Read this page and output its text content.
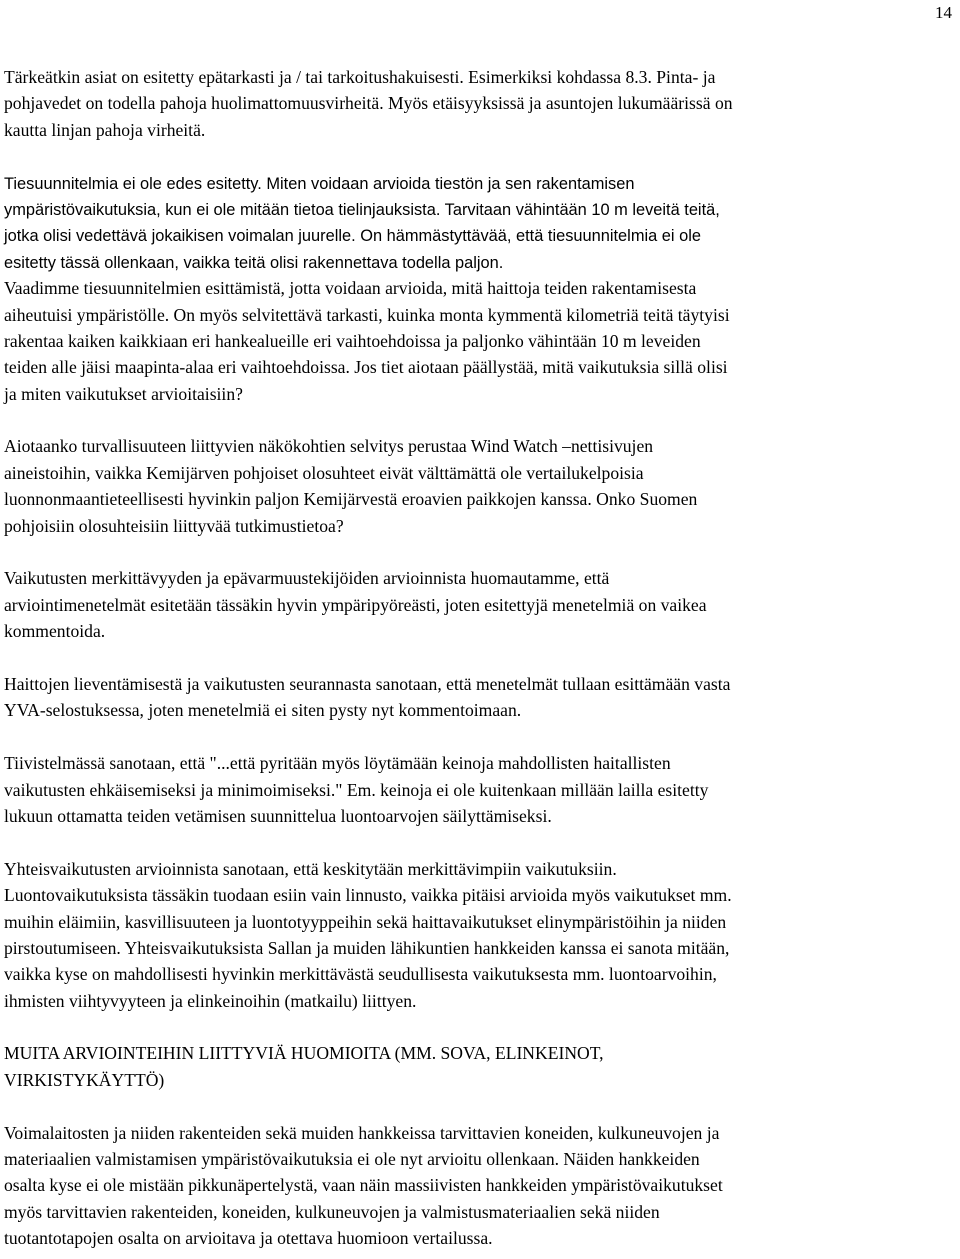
14
Tärkeätkin asiat on esitetty epätarkasti ja / tai tarkoitushakuisesti. Esimerkiksi kohdassa 8.3. Pinta- ja
pohjavedet on todella pahoja huolimattomuusvirheitä. Myös etäisyyksissä ja asuntojen lukumäärissä on
kautta linjan pahoja virheitä.
Tiesuunnitelmia ei ole edes esitetty. Miten voidaan arvioida tiestön ja sen rakentamisen
ympäristövaikutuksia, kun ei ole mitään tietoa tielinjauksista. Tarvitaan vähintään 10 m leveitä teitä,
jotka olisi vedettävä jokaikisen voimalan juurelle. On hämmästyttävää, että tiesuunnitelmia ei ole
esitetty tässä ollenkaan, vaikka teitä olisi rakennettava todella paljon.
Vaadimme tiesuunnitelmien esittämistä, jotta voidaan arvioida, mitä haittoja teiden rakentamisesta
aiheutuisi ympäristölle. On myös selvitettävä tarkasti, kuinka monta kymmentä kilometriä teitä täytyisi
rakentaa kaiken kaikkiaan eri hankealueille eri vaihtoehdoissa ja paljonko vähintään 10 m leveiden
teiden alle jäisi maapinta-alaa eri vaihtoehdoissa. Jos tiet aiotaan päällystää, mitä vaikutuksia sillä olisi
ja miten vaikutukset arvioitaisiin?
Aiotaanko turvallisuuteen liittyvien näkökohtien selvitys perustaa Wind Watch –nettisivujen
aineistoihin, vaikka Kemijärven pohjoiset olosuhteet eivät välttämättä ole vertailukelpoisia
luonnonmaantieteellisesti hyvinkin paljon Kemijärvestä eroavien paikkojen kanssa. Onko Suomen
pohjoisiin olosuhteisiin liittyvää tutkimustietoa?
Vaikutusten merkittävyyden ja epävarmuustekijöiden arvioinnista huomautamme, että
arviointimenetelmät esitetään tässäkin hyvin ympäripyöreästi, joten esitettyjä menetelmiä on vaikea
kommentoida.
Haittojen lieventämisestä ja vaikutusten seurannasta sanotaan, että menetelmät tullaan esittämään vasta
YVA-selostuksessa, joten menetelmiä ei siten pysty nyt kommentoimaan.
Tiivistelmässä sanotaan, että "...että pyritään myös löytämään keinoja mahdollisten haitallisten
vaikutusten ehkäisemiseksi ja minimoimiseksi." Em. keinoja ei ole kuitenkaan millään lailla esitetty
lukuun ottamatta teiden vetämisen suunnittelua luontoarvojen säilyttämiseksi.
Yhteisvaikutusten arvioinnista sanotaan, että keskitytään merkittävimpiin vaikutuksiin.
Luontovaikutuksista tässäkin tuodaan esiin vain linnusto, vaikka pitäisi arvioida myös vaikutukset mm.
muihin eläimiin, kasvillisuuteen ja luontotyyppeihin sekä haittavaikutukset elinympäristöihin ja niiden
pirstoutumiseen. Yhteisvaikutuksista Sallan ja muiden lähikuntien hankkeiden kanssa ei sanota mitään,
vaikka kyse on mahdollisesti hyvinkin merkittävästä seudullisesta vaikutuksesta mm. luontoarvoihin,
ihmisten viihtyvyyteen ja elinkeinoihin (matkailu) liittyen.
MUITA ARVIOINTEIHIN LIITTYVIÄ HUOMIOITA (MM. SOVA, ELINKEINOT,
VIRKISTYKÄYTTÖ)
Voimalaitosten ja niiden rakenteiden sekä muiden hankkeissa tarvittavien koneiden, kulkuneuvojen ja
materiaalien valmistamisen ympäristövaikutuksia ei ole nyt arvioitu ollenkaan. Näiden hankkeiden
osalta kyse ei ole mistään pikkunäpertelystä, vaan näin massiivisten hankkeiden ympäristövaikutukset
myös tarvittavien rakenteiden, koneiden, kulkuneuvojen ja valmistusmateriaalien sekä niiden
tuotantotapojen osalta on arvioitava ja otettava huomioon vertailussa.
